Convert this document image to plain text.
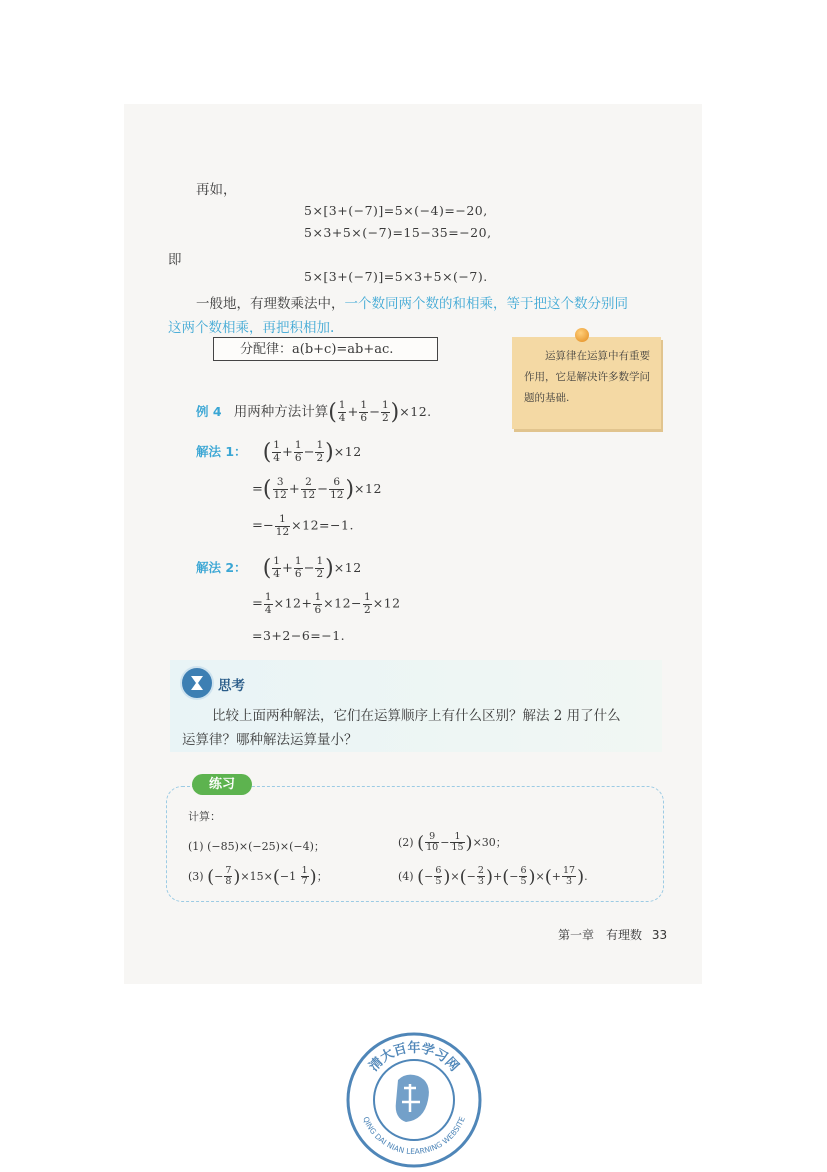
再如，
5×[3+(−7)]=5×(−4)=−20,
5×3+5×(−7)=15−35=−20,
即
5×[3+(−7)]=5×3+5×(−7).
一般地，有理数乘法中，一个数同两个数的和相乘，等于把这个数分别同
这两个数相乘，再把积相加.
分配律：a(b+c)=ab+ac.	运算律在运算中有重要作用，它是解决许多数学问题的基础.
例 4 用两种方法计算( $\frac{1}{4} + \frac{1}{6} - \frac{1}{2} )\times 12$.
解法 1： ( $\frac{1}{4} + \frac{1}{6} - \frac{1}{2} )\times 12$
=( $\frac{3}{12} + \frac{2}{12} - \frac{6}{12} )\times 12$
=− $\frac{1}{12} \times 12=-1$.
解法 2： ( $\frac{1}{4} + \frac{1}{6} - \frac{1}{2} )\times 12$
= $\frac{1}{4} \times 12+ \frac{1}{6} \times 12- \frac{1}{2} \times 12$
=3+2−6=−1.
思考
比较上面两种解法，它们在运算顺序上有什么区别？解法 2 用了什么
运算律？哪种解法运算量小？
练习
计算：
(1) (−85)×(−25)×(−4)；	(2) ( $\frac{9}{10} - \frac{1}{15} )\times 30$；
(3) (− $\frac{7}{8} )\times 15\times(-1 \frac{1}{7}$ )；	(4) (− $\frac{6}{5}$ )×(− $\frac{2}{3}$ )+(− $\frac{6}{5}$ )×(+ $\frac{17}{3}$ ).
第一章　有理数 33
清大百年学习网
QING DAI NIAN LEARNING WEBSITE
